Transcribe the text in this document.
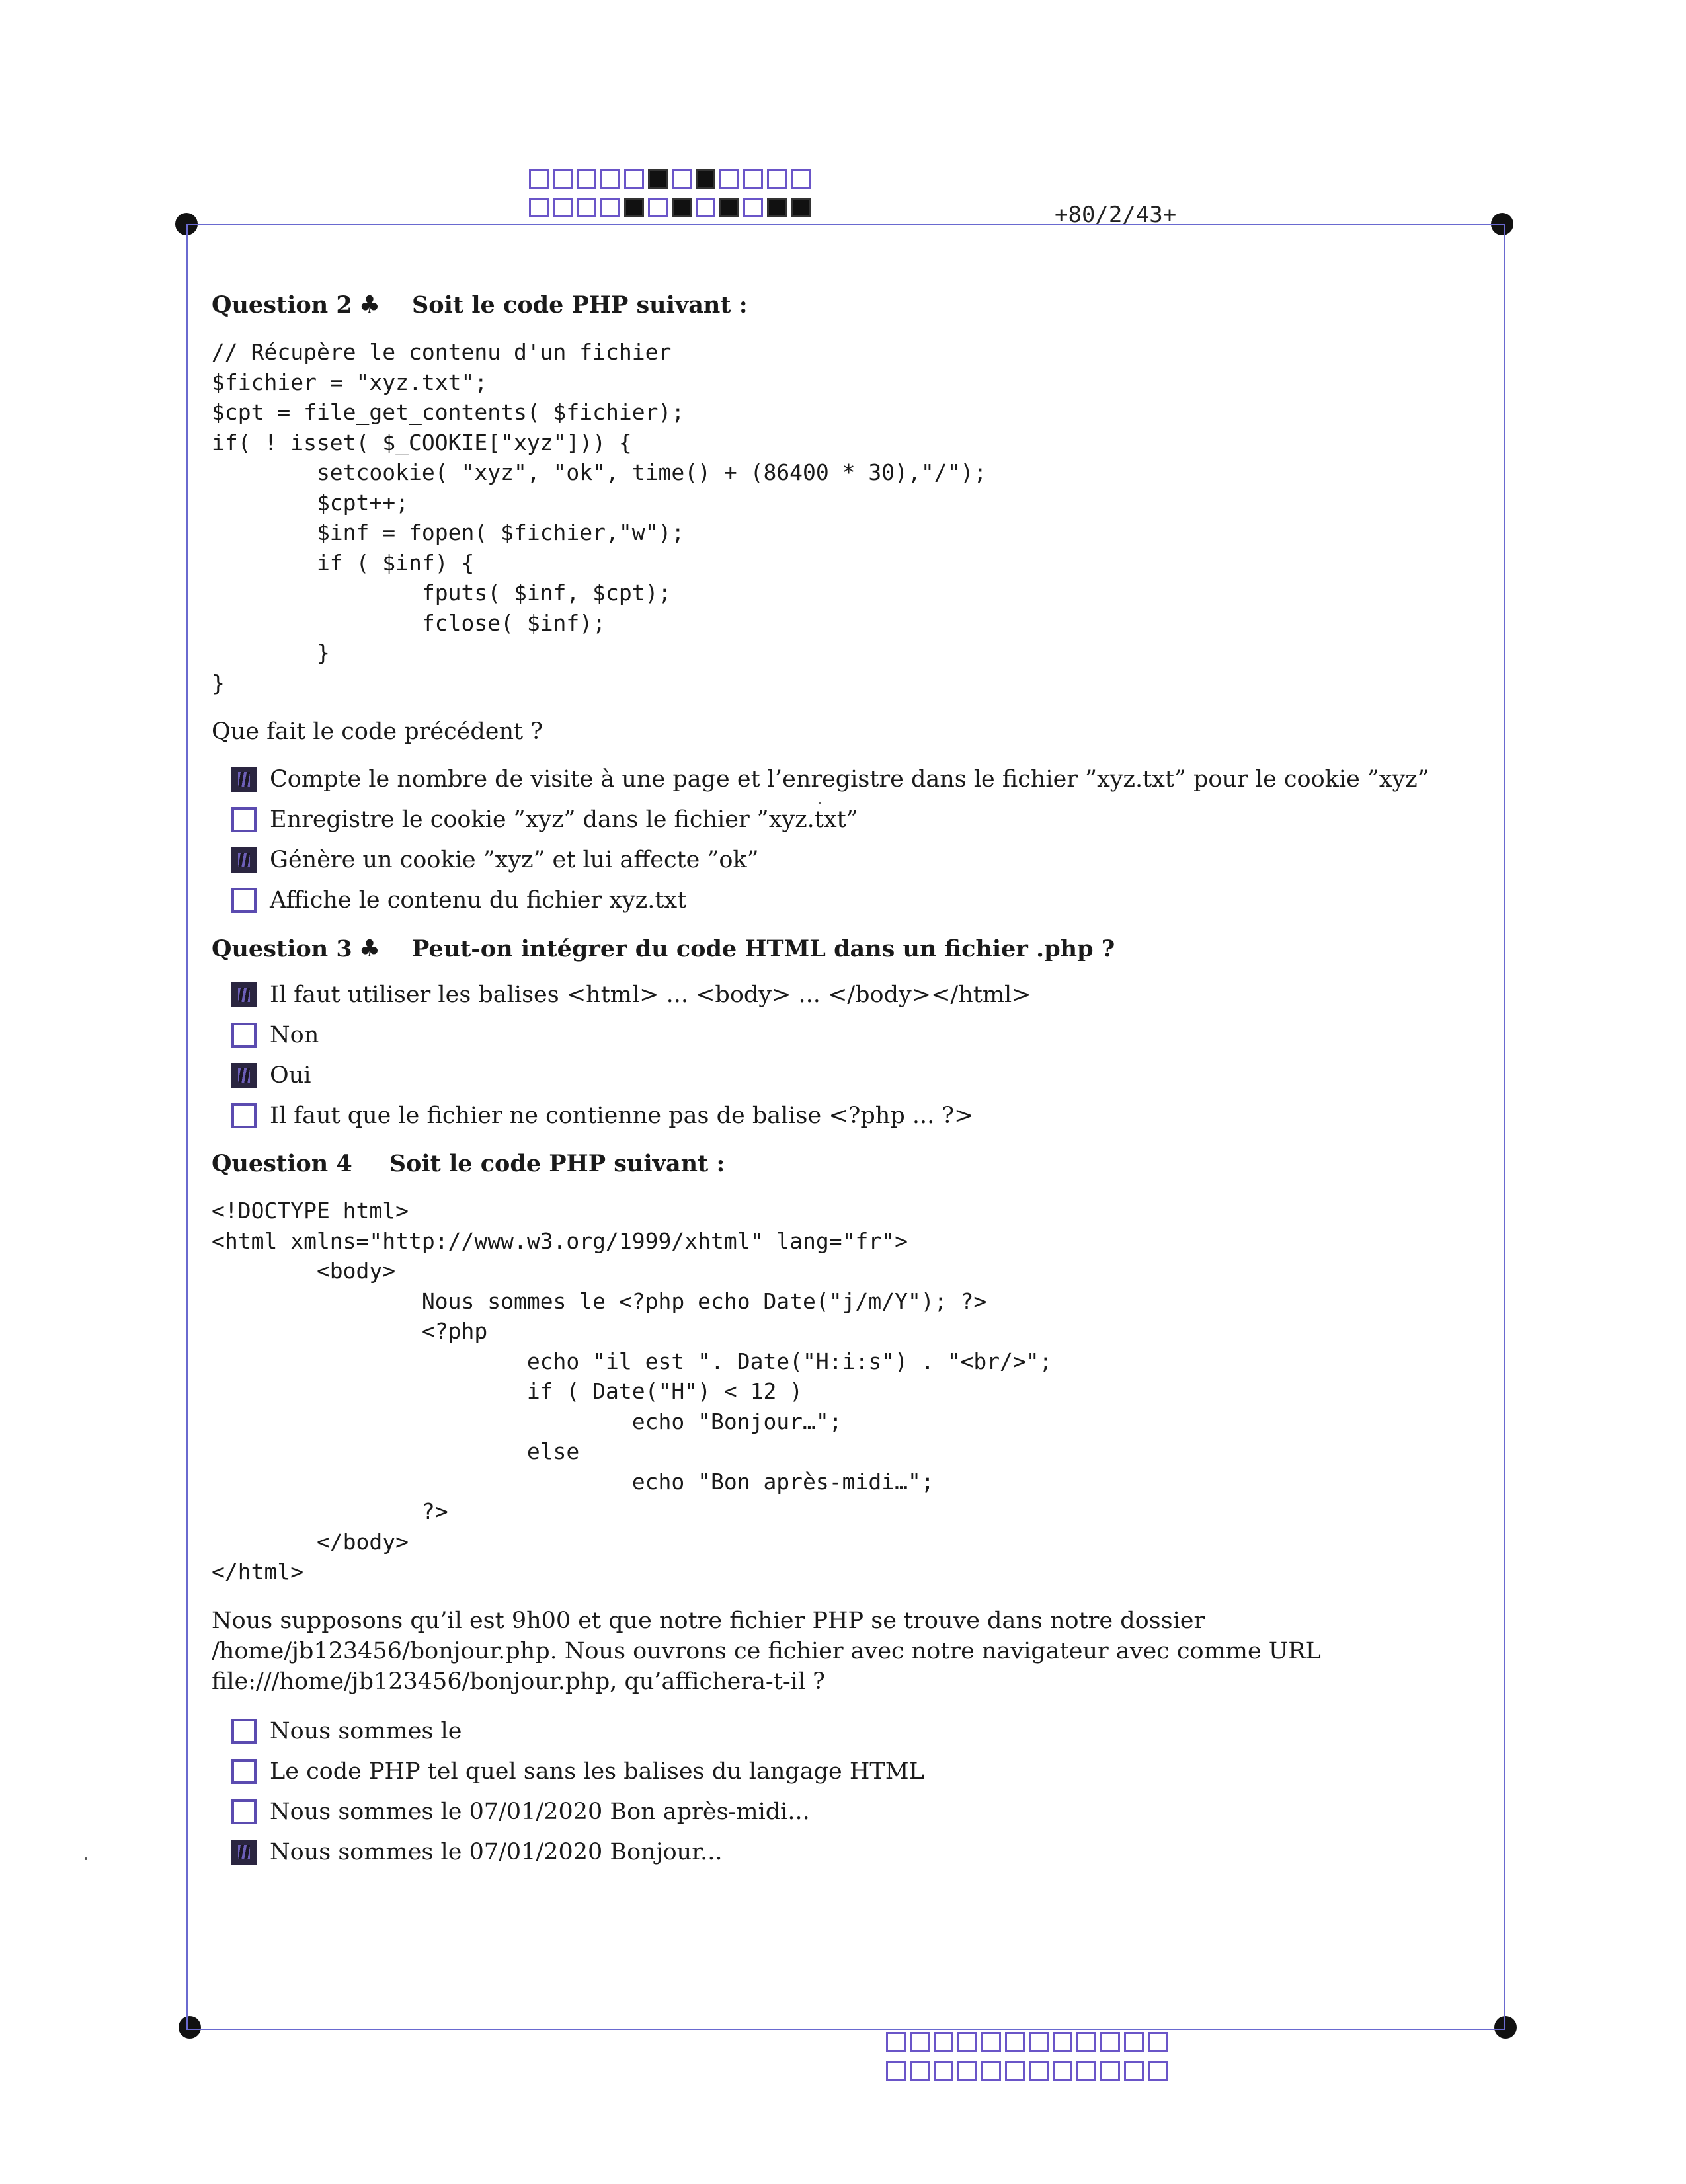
+80/2/43+
Question 2 ♣ Soit le code PHP suivant :
// Récupère le contenu d'un fichier
$fichier = "xyz.txt";
$cpt = file_get_contents( $fichier);
if( ! isset( $_COOKIE["xyz"])) {
setcookie( "xyz", "ok", time() + (86400 * 30),"/");
$cpt++;
$inf = fopen( $fichier,"w");
if ( $inf) {
fputs( $inf, $cpt);
fclose( $inf);
}
}

Que fait le code précédent ?

Compte le nombre de visite à une page et l’enregistre dans le fichier ”xyz.txt” pour le cookie ”xyz”
Enregistre le cookie ”xyz” dans le fichier ”xyz.txt”
Génère un cookie ”xyz” et lui affecte ”ok”
Affiche le contenu du fichier xyz.txt
Question 3 ♣ Peut-on intégrer du code HTML dans un fichier .php ?
Il faut utiliser les balises <html> ... <body> ... </body></html>
Non
Oui
Il faut que le fichier ne contienne pas de balise <?php ... ?>
Question 4 Soit le code PHP suivant :
<!DOCTYPE html>
<html xmlns="http://www.w3.org/1999/xhtml" lang="fr">
<body>
Nous sommes le <?php echo Date("j/m/Y"); ?>
<?php
echo "il est ". Date("H:i:s") . "<br/>";
if ( Date("H") < 12 )
echo "Bonjour…";
else
echo "Bon après-midi…";
?>
</body>
</html>

Nous supposons qu’il est 9h00 et que notre fichier PHP se trouve dans notre dossier /home/jb123456/bonjour.php. Nous ouvrons ce fichier avec notre navigateur avec comme URL file:///home/jb123456/bonjour.php, qu’affichera-t-il ?

Nous sommes le
Le code PHP tel quel sans les balises du langage HTML
Nous sommes le 07/01/2020 Bon après-midi...
Nous sommes le 07/01/2020 Bonjour...
